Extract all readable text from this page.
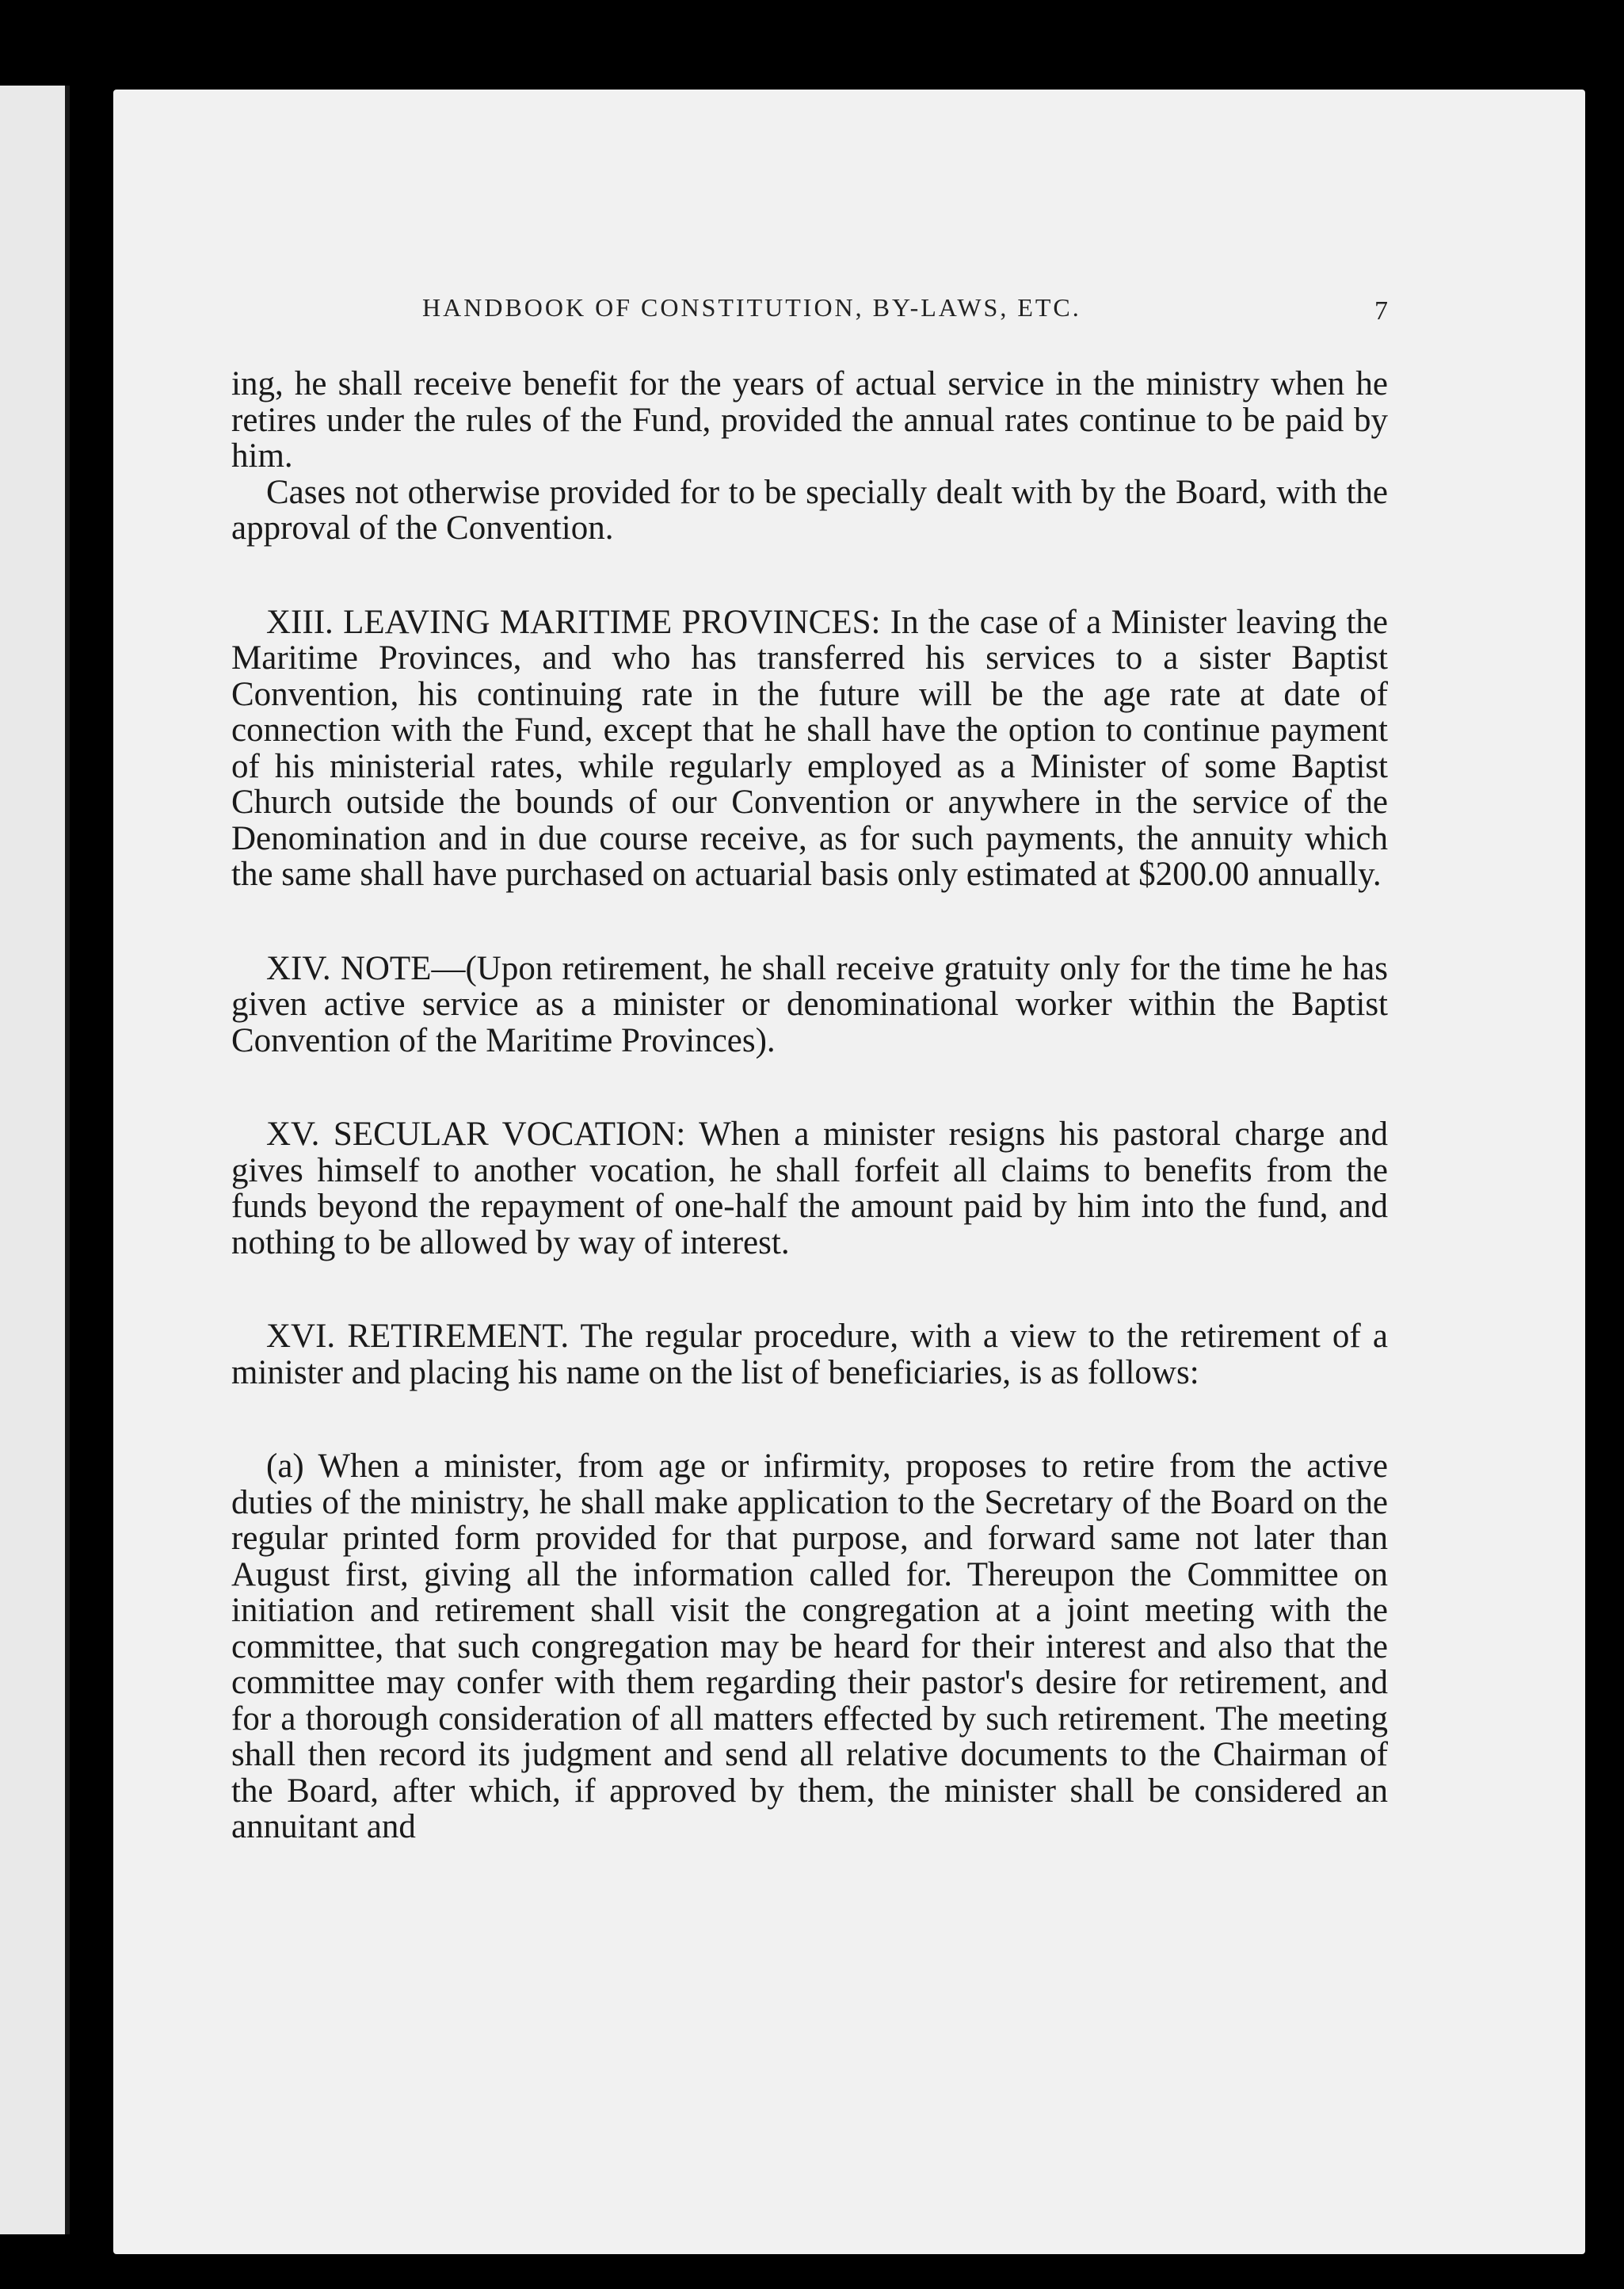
HANDBOOK OF CONSTITUTION, BY-LAWS, ETC.	7

ing, he shall receive benefit for the years of actual service in the ministry when he retires under the rules of the Fund, provided the annual rates continue to be paid by him.

Cases not otherwise provided for to be specially dealt with by the Board, with the approval of the Convention.

XIII. LEAVING MARITIME PROVINCES: In the case of a Minister leaving the Maritime Provinces, and who has transferred his services to a sister Baptist Convention, his continuing rate in the future will be the age rate at date of connection with the Fund, except that he shall have the option to continue payment of his ministerial rates, while regularly employed as a Minister of some Baptist Church outside the bounds of our Convention or anywhere in the service of the Denomination and in due course receive, as for such payments, the annuity which the same shall have purchased on actuarial basis only estimated at $200.00 annually.

XIV. NOTE—(Upon retirement, he shall receive gratuity only for the time he has given active service as a minister or denominational worker within the Baptist Convention of the Maritime Provinces).

XV. SECULAR VOCATION: When a minister resigns his pastoral charge and gives himself to another vocation, he shall forfeit all claims to benefits from the funds beyond the repayment of one-half the amount paid by him into the fund, and nothing to be allowed by way of interest.

XVI. RETIREMENT. The regular procedure, with a view to the retirement of a minister and placing his name on the list of beneficiaries, is as follows:

(a) When a minister, from age or infirmity, proposes to retire from the active duties of the ministry, he shall make application to the Secretary of the Board on the regular printed form provided for that purpose, and forward same not later than August first, giving all the information called for. Thereupon the Committee on initiation and retirement shall visit the congregation at a joint meeting with the committee, that such congregation may be heard for their interest and also that the committee may confer with them regarding their pastor's desire for retirement, and for a thorough consideration of all matters effected by such retirement. The meeting shall then record its judgment and send all relative documents to the Chairman of the Board, after which, if approved by them, the minister shall be considered an annuitant and
